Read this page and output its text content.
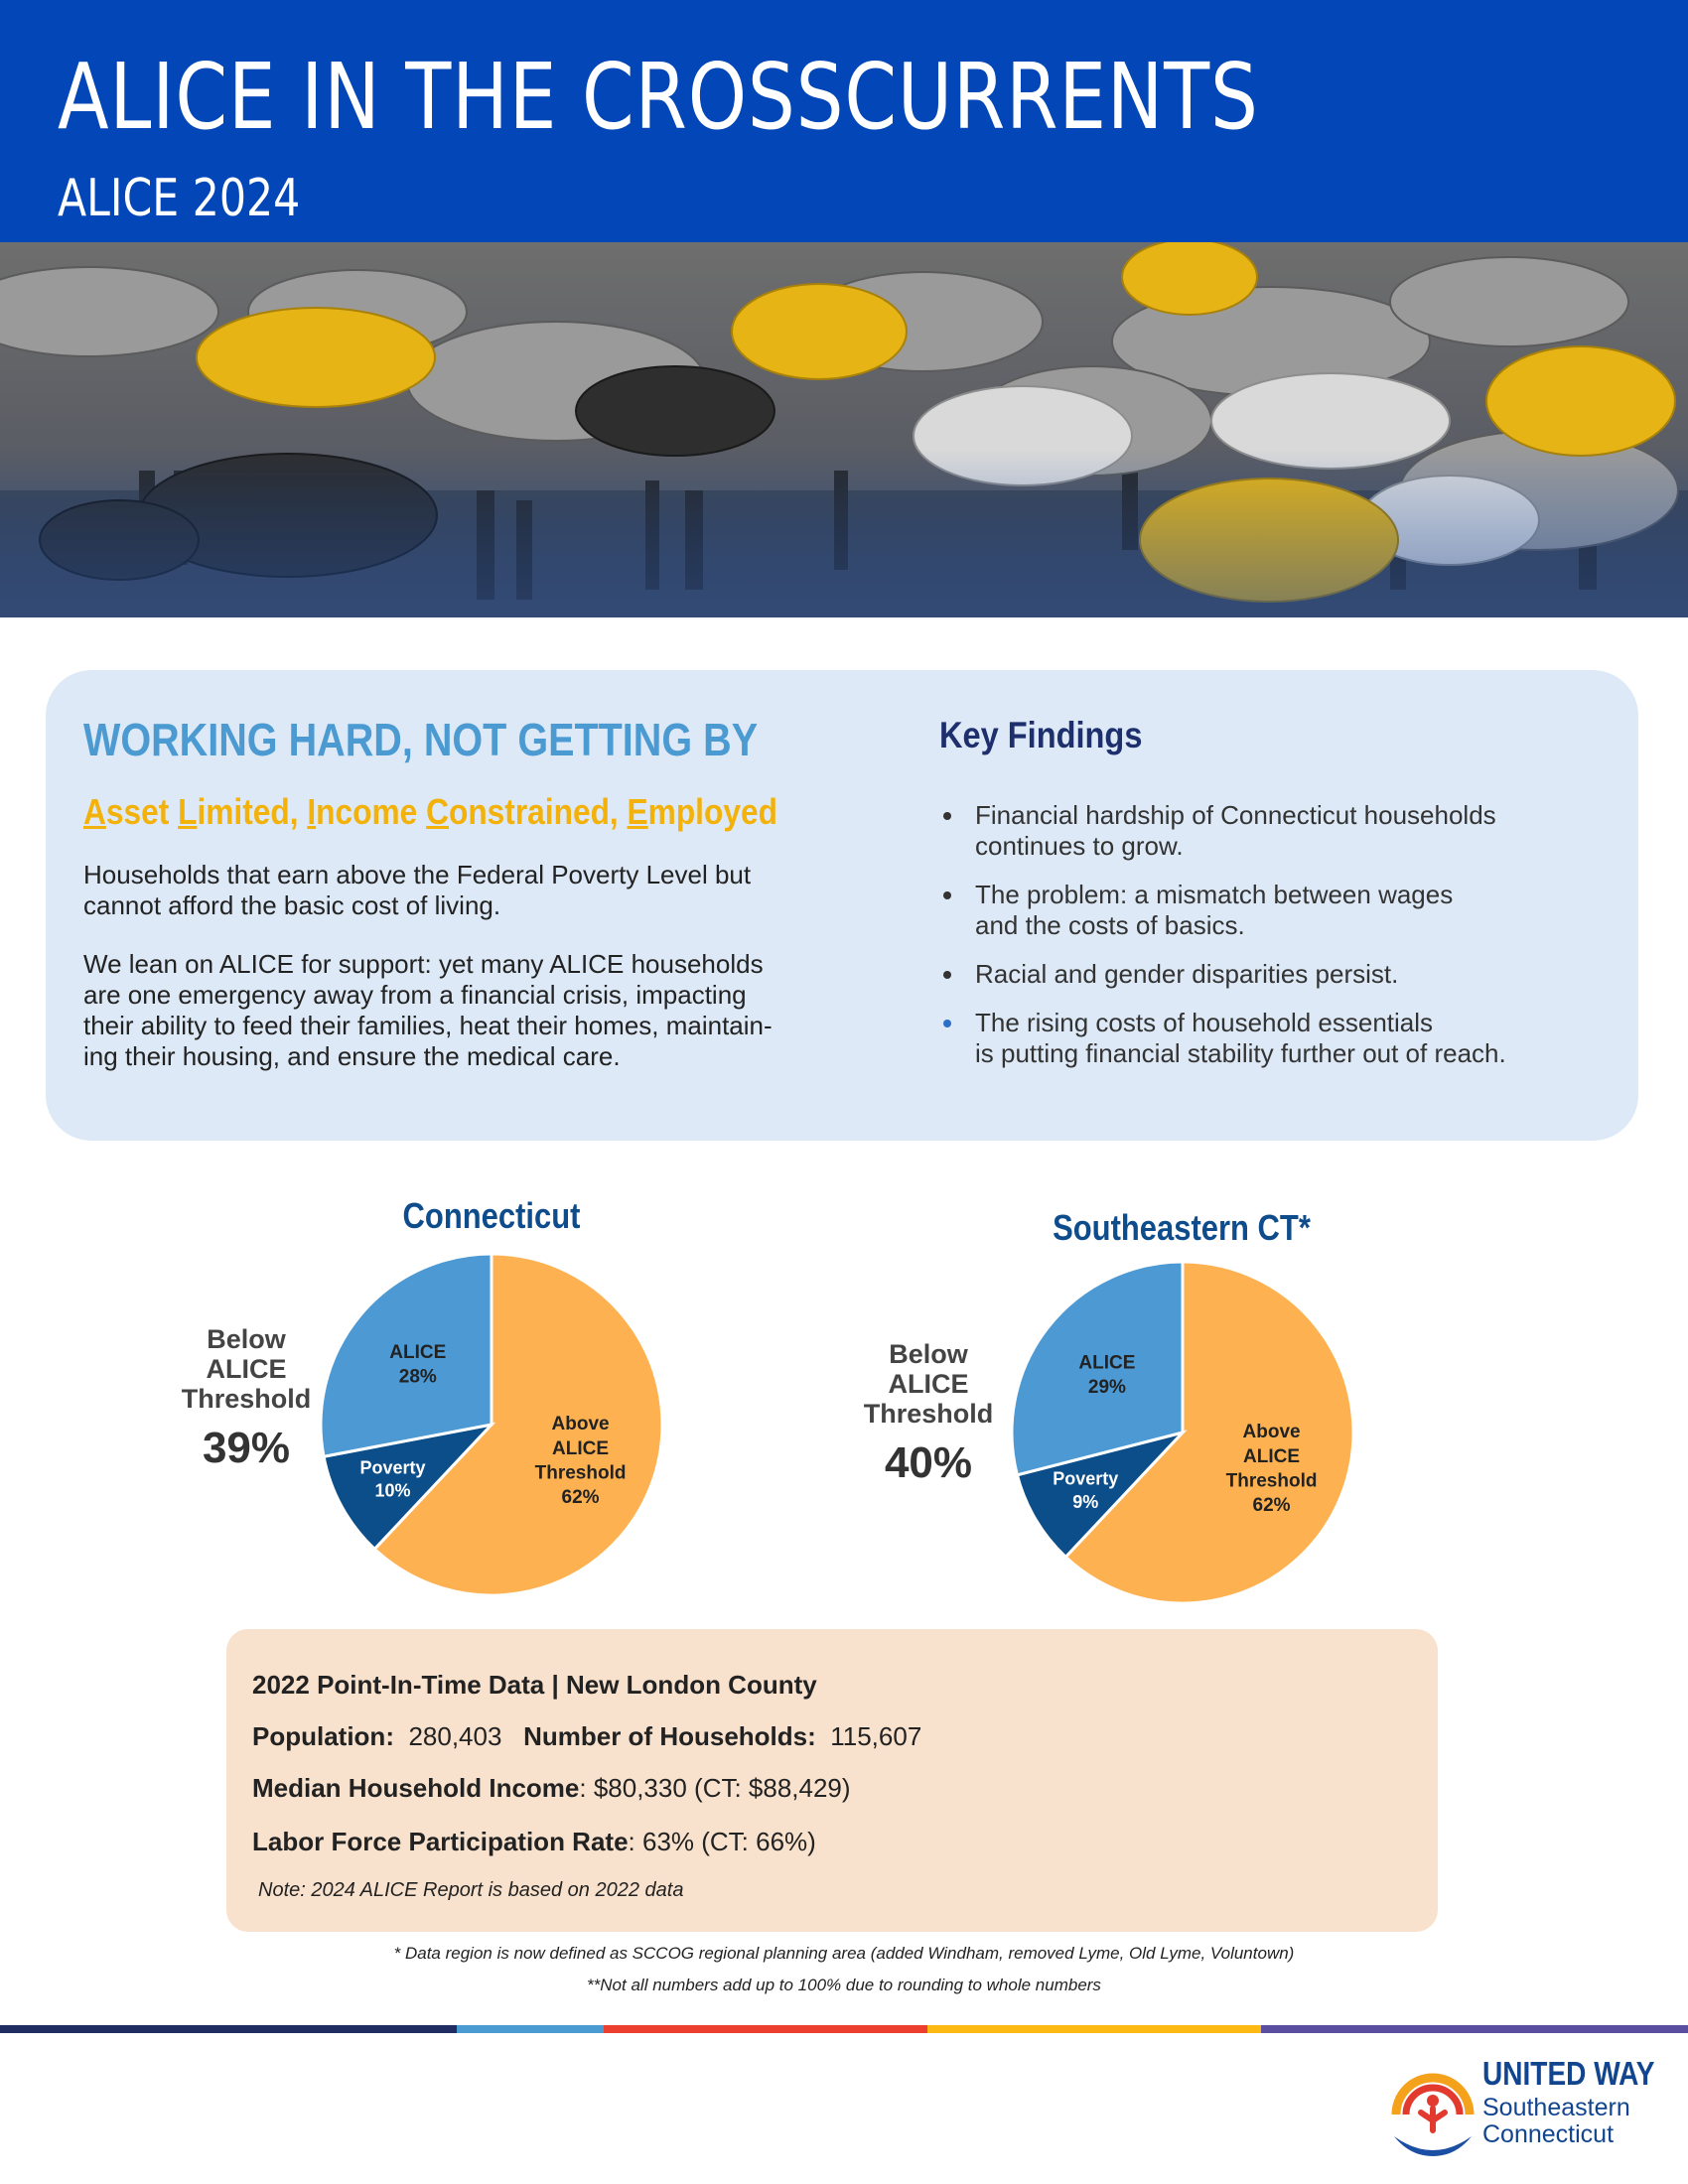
ALICE IN THE CROSSCURRENTS
ALICE 2024
WORKING HARD, NOT GETTING BY
Asset Limited, Income Constrained, Employed
Households that earn above the Federal Poverty Level but
cannot afford the basic cost of living.
We lean on ALICE for support: yet many ALICE households
are one emergency away from a financial crisis, impacting
their ability to feed their families, heat their homes, maintain-
ing their housing, and ensure the medical care.
Key Findings
Financial hardship of Connecticut households
continues to grow.
The problem: a mismatch between wages
and the costs of basics.
Racial and gender disparities persist.
The rising costs of household essentials
is putting financial stability further out of reach.
Connecticut
Below
ALICE
Threshold
39%	Above ALICE Threshold 62%
Poverty 10%
ALICE 28%
Southeastern CT*
Below
ALICE
Threshold
40%
Above ALICE Threshold 62%
Poverty 9%
ALICE 29%
2022 Point-In-Time Data | New London County
Population: 280,403 Number of Households: 115,607
Median Household Income: $80,330 (CT: $88,429)
Labor Force Participation Rate: 63% (CT: 66%)
Note: 2024 ALICE Report is based on 2022 data
* Data region is now defined as SCCOG regional planning area (added Windham, removed Lyme, Old Lyme, Voluntown)
**Not all numbers add up to 100% due to rounding to whole numbers
UNITED WAY
Southeastern
Connecticut
